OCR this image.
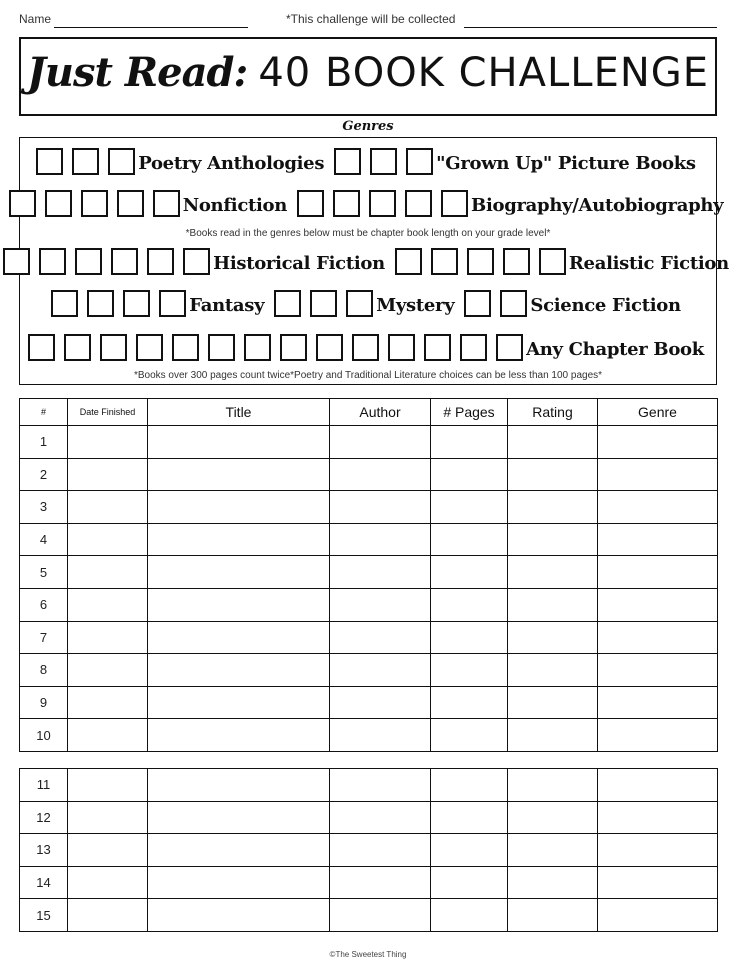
Name	*This challenge will be collected
Just Read: 40 BOOK CHALLENGE
Genres
Poetry Anthologies	"Grown Up" Picture Books
Nonfiction	Biography/Autobiography
*Books read in the genres below must be chapter book length on your grade level*
Historical Fiction	Realistic Fiction
Fantasy	Mystery	Science Fiction
Any Chapter Book
*Books over 300 pages count twice*Poetry and Traditional Literature choices can be less than 100 pages*
#	Date Finished	Title	Author	# Pages	Rating	Genre
1						
2						
3						
4						
5						
6						
7						
8						
9						
10						
11						
12						
13						
14						
15						
©The Sweetest Thing
